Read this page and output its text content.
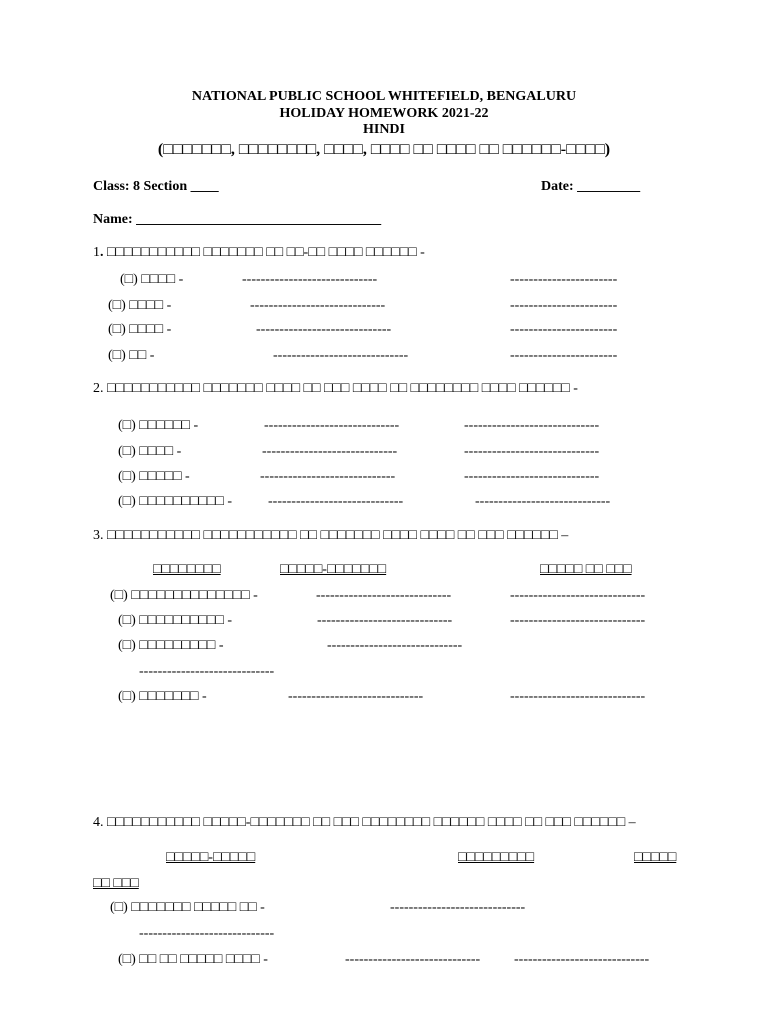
NATIONAL PUBLIC SCHOOL WHITEFIELD, BENGALURU
HOLIDAY HOMEWORK 2021-22
HINDI
(□□□□□□□, □□□□□□□□, □□□□, □□□□ □□ □□□□ □□ □□□□□□-□□□□)
Class: 8 Section ____	Date: _________
Name: ___________________________________
1. □□□□□□□□□□□ □□□□□□□ □□ □□-□□ □□□□ □□□□□□ -
(□) □□□□ -	-----------------------------	-----------------------
(□) □□□□ -	-----------------------------	-----------------------
(□) □□□□ -	-----------------------------	-----------------------
(□) □□ -	-----------------------------	-----------------------
2. □□□□□□□□□□□ □□□□□□□ □□□□ □□ □□□ □□□□ □□ □□□□□□□□ □□□□ □□□□□□ -
(□) □□□□□□ -	-----------------------------	-----------------------------
(□) □□□□ -	-----------------------------	-----------------------------
(□) □□□□□ -	-----------------------------	-----------------------------
(□) □□□□□□□□□□ -	-----------------------------	-----------------------------
3. □□□□□□□□□□□ □□□□□□□□□□□ □□ □□□□□□□ □□□□ □□□□ □□ □□□ □□□□□□ –
□□□□□□□□	□□□□□-□□□□□□□	□□□□□ □□ □□□
(□) □□□□□□□□□□□□□□ -	-----------------------------	-----------------------------
(□) □□□□□□□□□□ -	-----------------------------	-----------------------------
(□) □□□□□□□□□ -	-----------------------------
-----------------------------
(□) □□□□□□□ -	-----------------------------	-----------------------------
4. □□□□□□□□□□□ □□□□□-□□□□□□□ □□ □□□ □□□□□□□□ □□□□□□ □□□□ □□ □□□ □□□□□□ –
□□□□□-□□□□□	□□□□□□□□□	□□□□□
□□ □□□
(□) □□□□□□□ □□□□□ □□ -	-----------------------------
-----------------------------
(□) □□ □□ □□□□□ □□□□ -	----------------------------- -----------------------------
